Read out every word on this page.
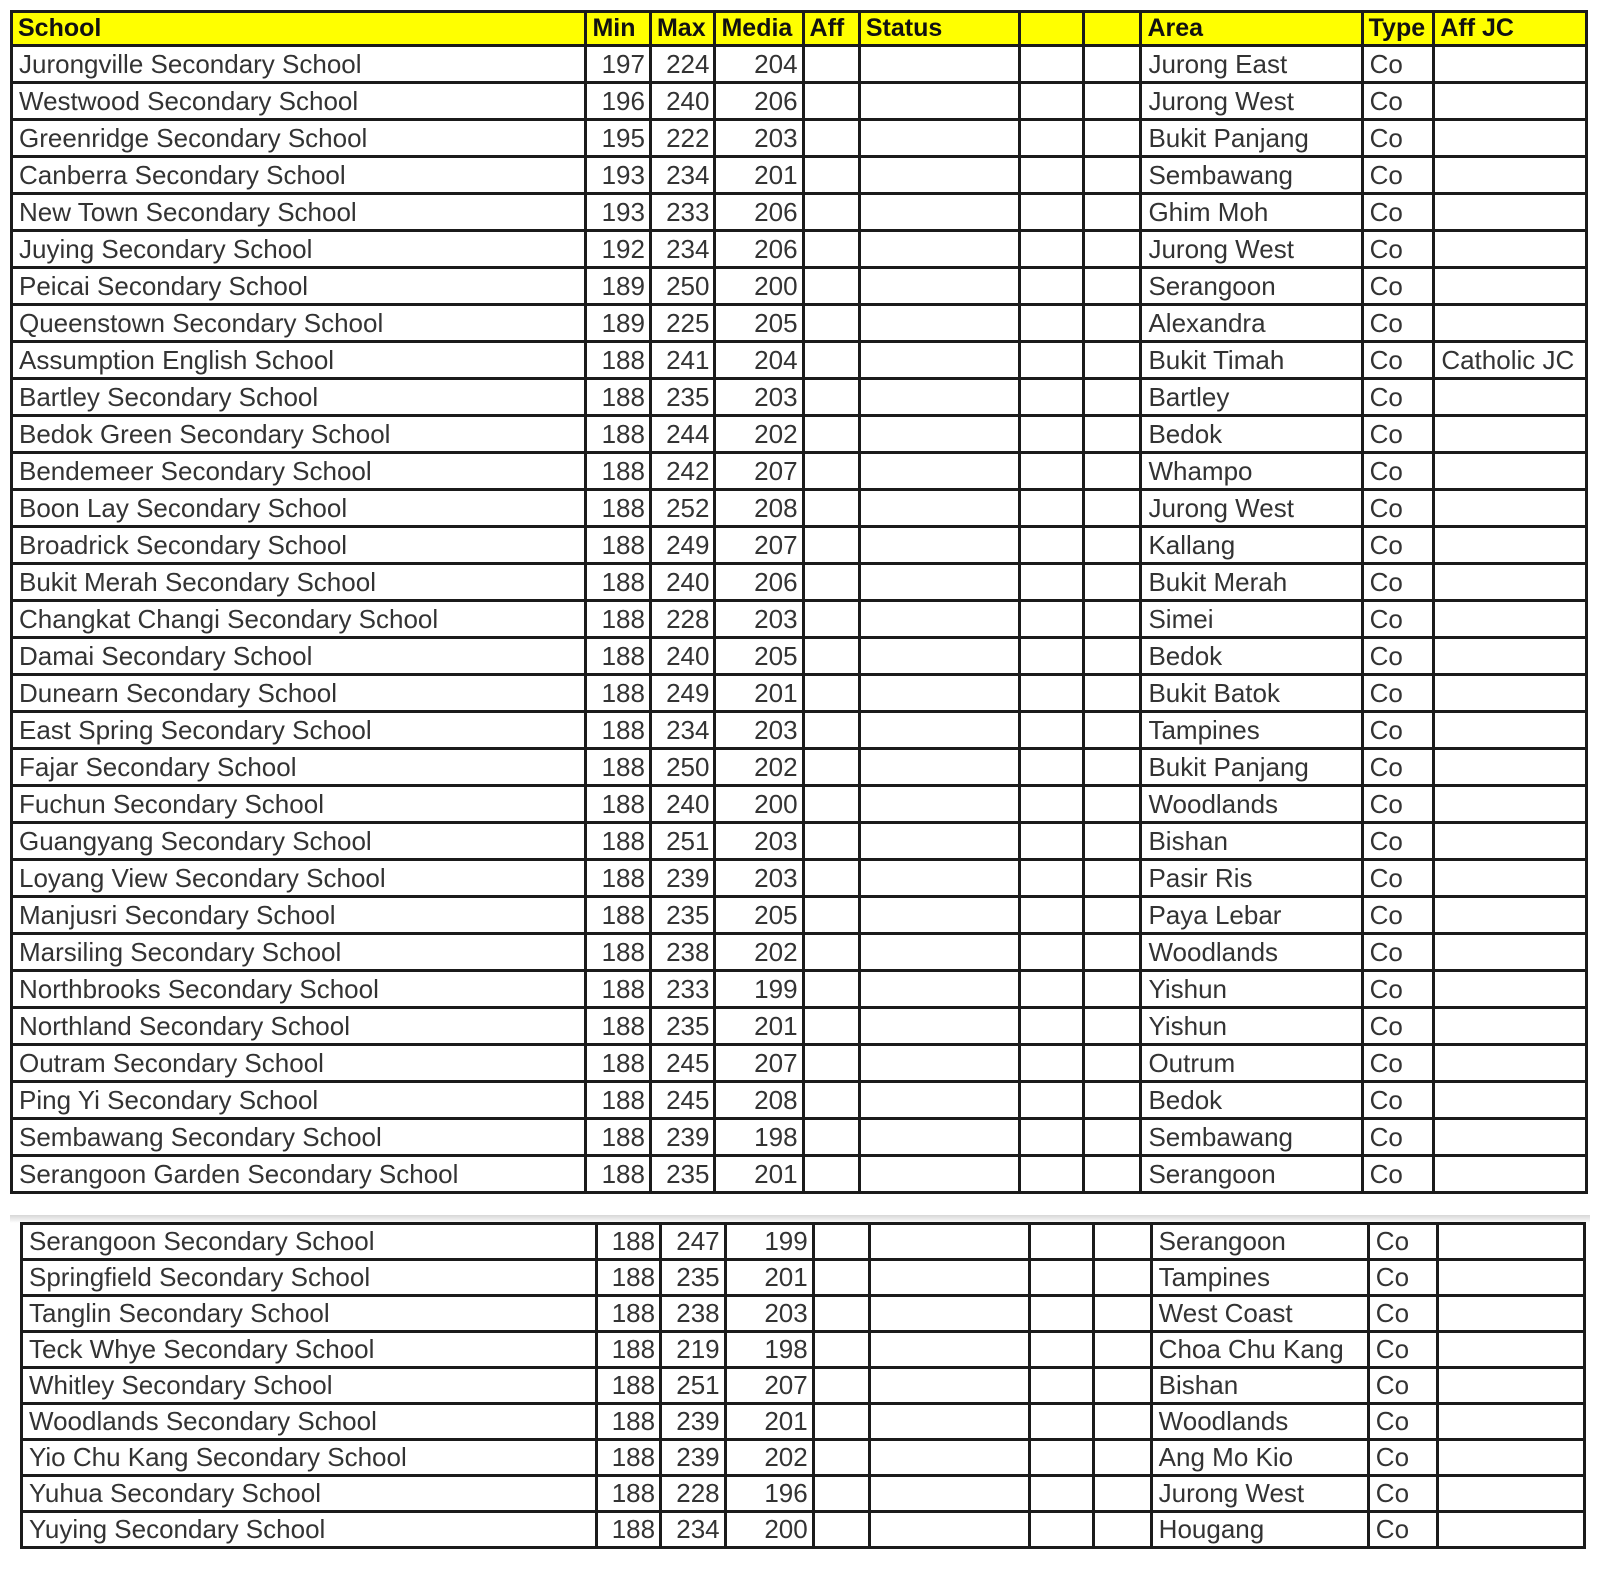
School	Min	Max	Media	Aff	Status			Area	Type	Aff JC
Jurongville Secondary School	197	224	204					Jurong East	Co	
Westwood Secondary School	196	240	206					Jurong West	Co	
Greenridge Secondary School	195	222	203					Bukit Panjang	Co	
Canberra Secondary School	193	234	201					Sembawang	Co	
New Town Secondary School	193	233	206					Ghim Moh	Co	
Juying Secondary School	192	234	206					Jurong West	Co	
Peicai Secondary School	189	250	200					Serangoon	Co	
Queenstown Secondary School	189	225	205					Alexandra	Co	
Assumption English School	188	241	204					Bukit Timah	Co	Catholic JC
Bartley Secondary School	188	235	203					Bartley	Co	
Bedok Green Secondary School	188	244	202					Bedok	Co	
Bendemeer Secondary School	188	242	207					Whampo	Co	
Boon Lay Secondary School	188	252	208					Jurong West	Co	
Broadrick Secondary School	188	249	207					Kallang	Co	
Bukit Merah Secondary School	188	240	206					Bukit Merah	Co	
Changkat Changi Secondary School	188	228	203					Simei	Co	
Damai Secondary School	188	240	205					Bedok	Co	
Dunearn Secondary School	188	249	201					Bukit Batok	Co	
East Spring Secondary School	188	234	203					Tampines	Co	
Fajar Secondary School	188	250	202					Bukit Panjang	Co	
Fuchun Secondary School	188	240	200					Woodlands	Co	
Guangyang Secondary School	188	251	203					Bishan	Co	
Loyang View Secondary School	188	239	203					Pasir Ris	Co	
Manjusri Secondary School	188	235	205					Paya Lebar	Co	
Marsiling Secondary School	188	238	202					Woodlands	Co	
Northbrooks Secondary School	188	233	199					Yishun	Co	
Northland Secondary School	188	235	201					Yishun	Co	
Outram Secondary School	188	245	207					Outrum	Co	
Ping Yi Secondary School	188	245	208					Bedok	Co	
Sembawang Secondary School	188	239	198					Sembawang	Co	
Serangoon Garden Secondary School	188	235	201					Serangoon	Co	
Serangoon Secondary School	188	247	199					Serangoon	Co	
Springfield Secondary School	188	235	201					Tampines	Co	
Tanglin Secondary School	188	238	203					West Coast	Co	
Teck Whye Secondary School	188	219	198					Choa Chu Kang	Co	
Whitley Secondary School	188	251	207					Bishan	Co	
Woodlands Secondary School	188	239	201					Woodlands	Co	
Yio Chu Kang Secondary School	188	239	202					Ang Mo Kio	Co	
Yuhua Secondary School	188	228	196					Jurong West	Co	
Yuying Secondary School	188	234	200					Hougang	Co	
